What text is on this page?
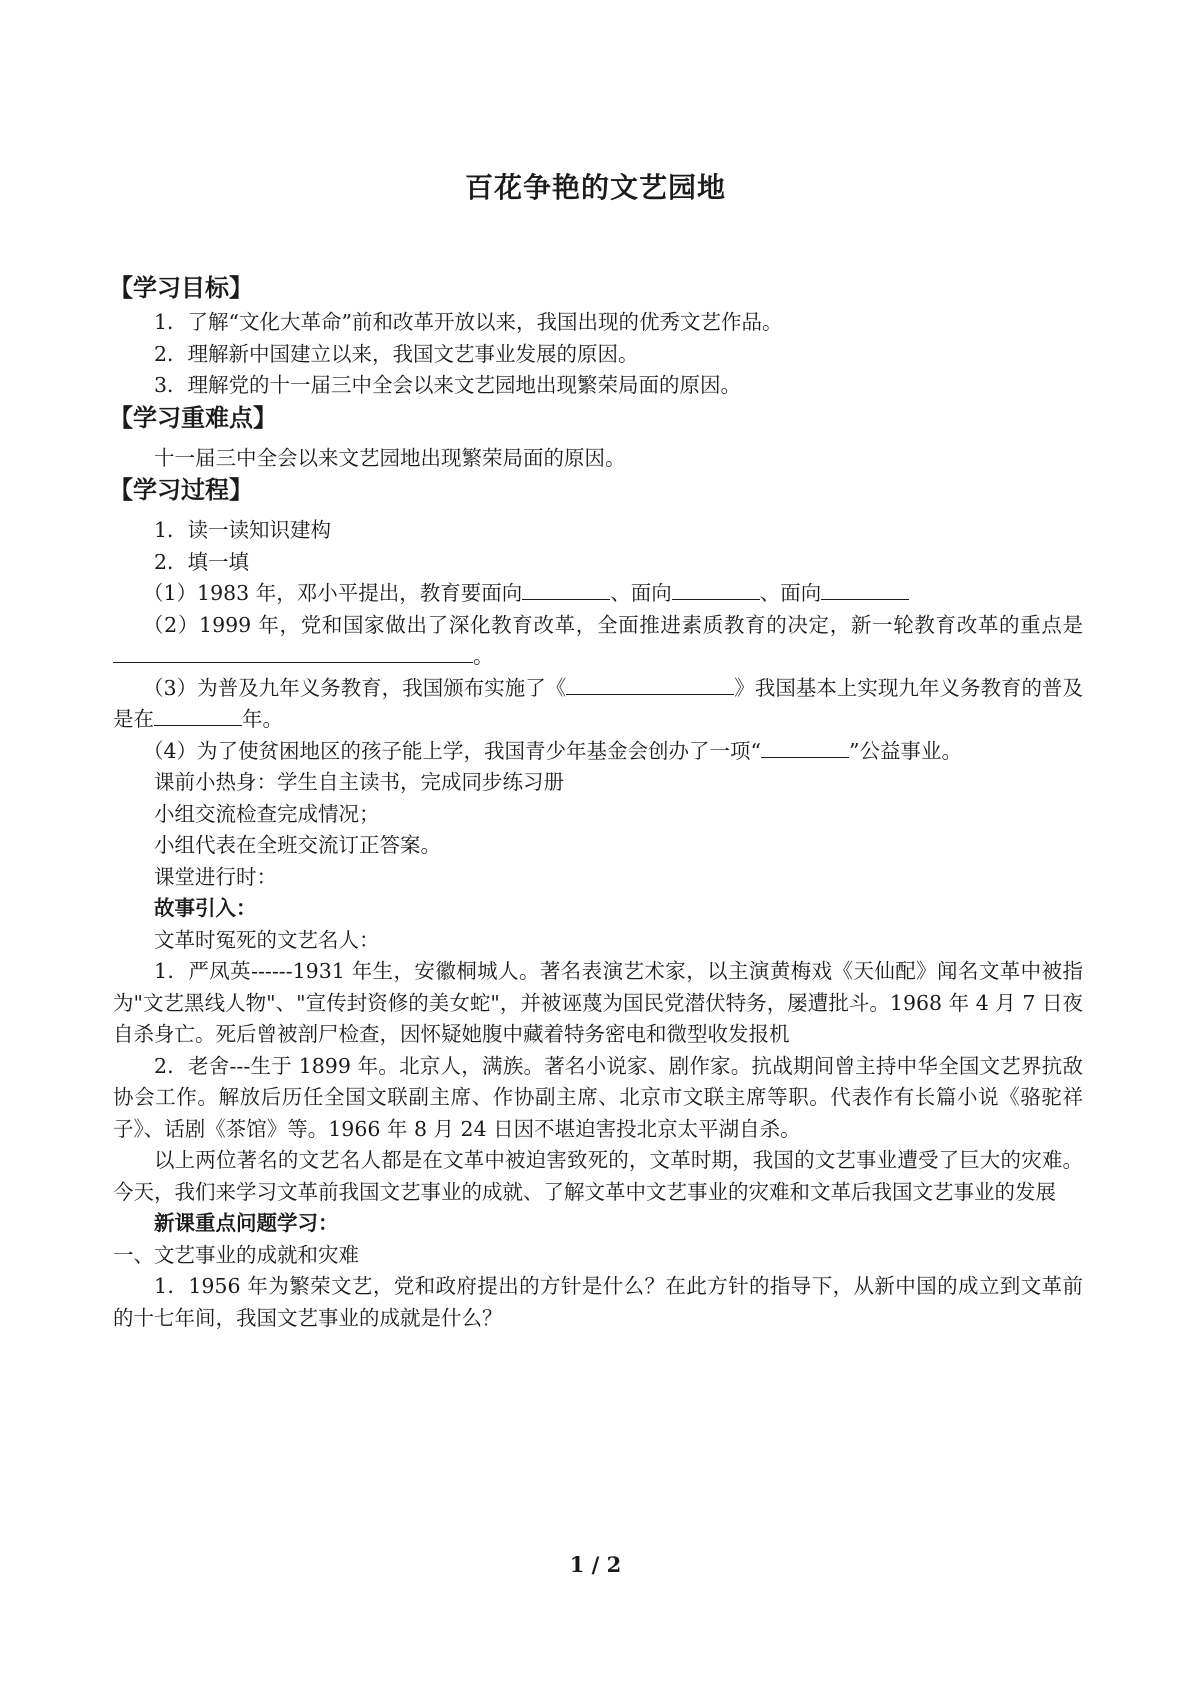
百花争艳的文艺园地
【学习目标】
1．了解“文化大革命”前和改革开放以来，我国出现的优秀文艺作品。
2．理解新中国建立以来，我国文艺事业发展的原因。
3．理解党的十一届三中全会以来文艺园地出现繁荣局面的原因。
【学习重难点】
十一届三中全会以来文艺园地出现繁荣局面的原因。
【学习过程】
1．读一读知识建构
2．填一填
（1）1983 年，邓小平提出，教育要面向	、面向	、面向
（2）1999 年，党和国家做出了深化教育改革，全面推进素质教育的决定，新一轮教育改革的重点是。
（3）为普及九年义务教育，我国颁布实施了《	》我国基本上实现九年义务教育的普及是在	年。
（4）为了使贫困地区的孩子能上学，我国青少年基金会创办了一项“	”公益事业。
课前小热身：学生自主读书，完成同步练习册
小组交流检查完成情况；
小组代表在全班交流订正答案。
课堂进行时：
故事引入：
文革时冤死的文艺名人：
1．严凤英------1931 年生，安徽桐城人。著名表演艺术家，以主演黄梅戏《天仙配》闻名文革中被指为"文艺黑线人物"、"宣传封资修的美女蛇"，并被诬蔑为国民党潜伏特务，屡遭批斗。1968 年 4 月 7 日夜自杀身亡。死后曾被剖尸检查，因怀疑她腹中藏着特务密电和微型收发报机
2．老舍---生于 1899 年。北京人，满族。著名小说家、剧作家。抗战期间曾主持中华全国文艺界抗敌协会工作。解放后历任全国文联副主席、作协副主席、北京市文联主席等职。代表作有长篇小说《骆驼祥子》、话剧《茶馆》等。1966 年 8 月 24 日因不堪迫害投北京太平湖自杀。
以上两位著名的文艺名人都是在文革中被迫害致死的，文革时期，我国的文艺事业遭受了巨大的灾难。今天，我们来学习文革前我国文艺事业的成就、了解文革中文艺事业的灾难和文革后我国文艺事业的发展
新课重点问题学习：
一、文艺事业的成就和灾难
1．1956 年为繁荣文艺，党和政府提出的方针是什么？在此方针的指导下，从新中国的成立到文革前的十七年间，我国文艺事业的成就是什么？
1 / 2
